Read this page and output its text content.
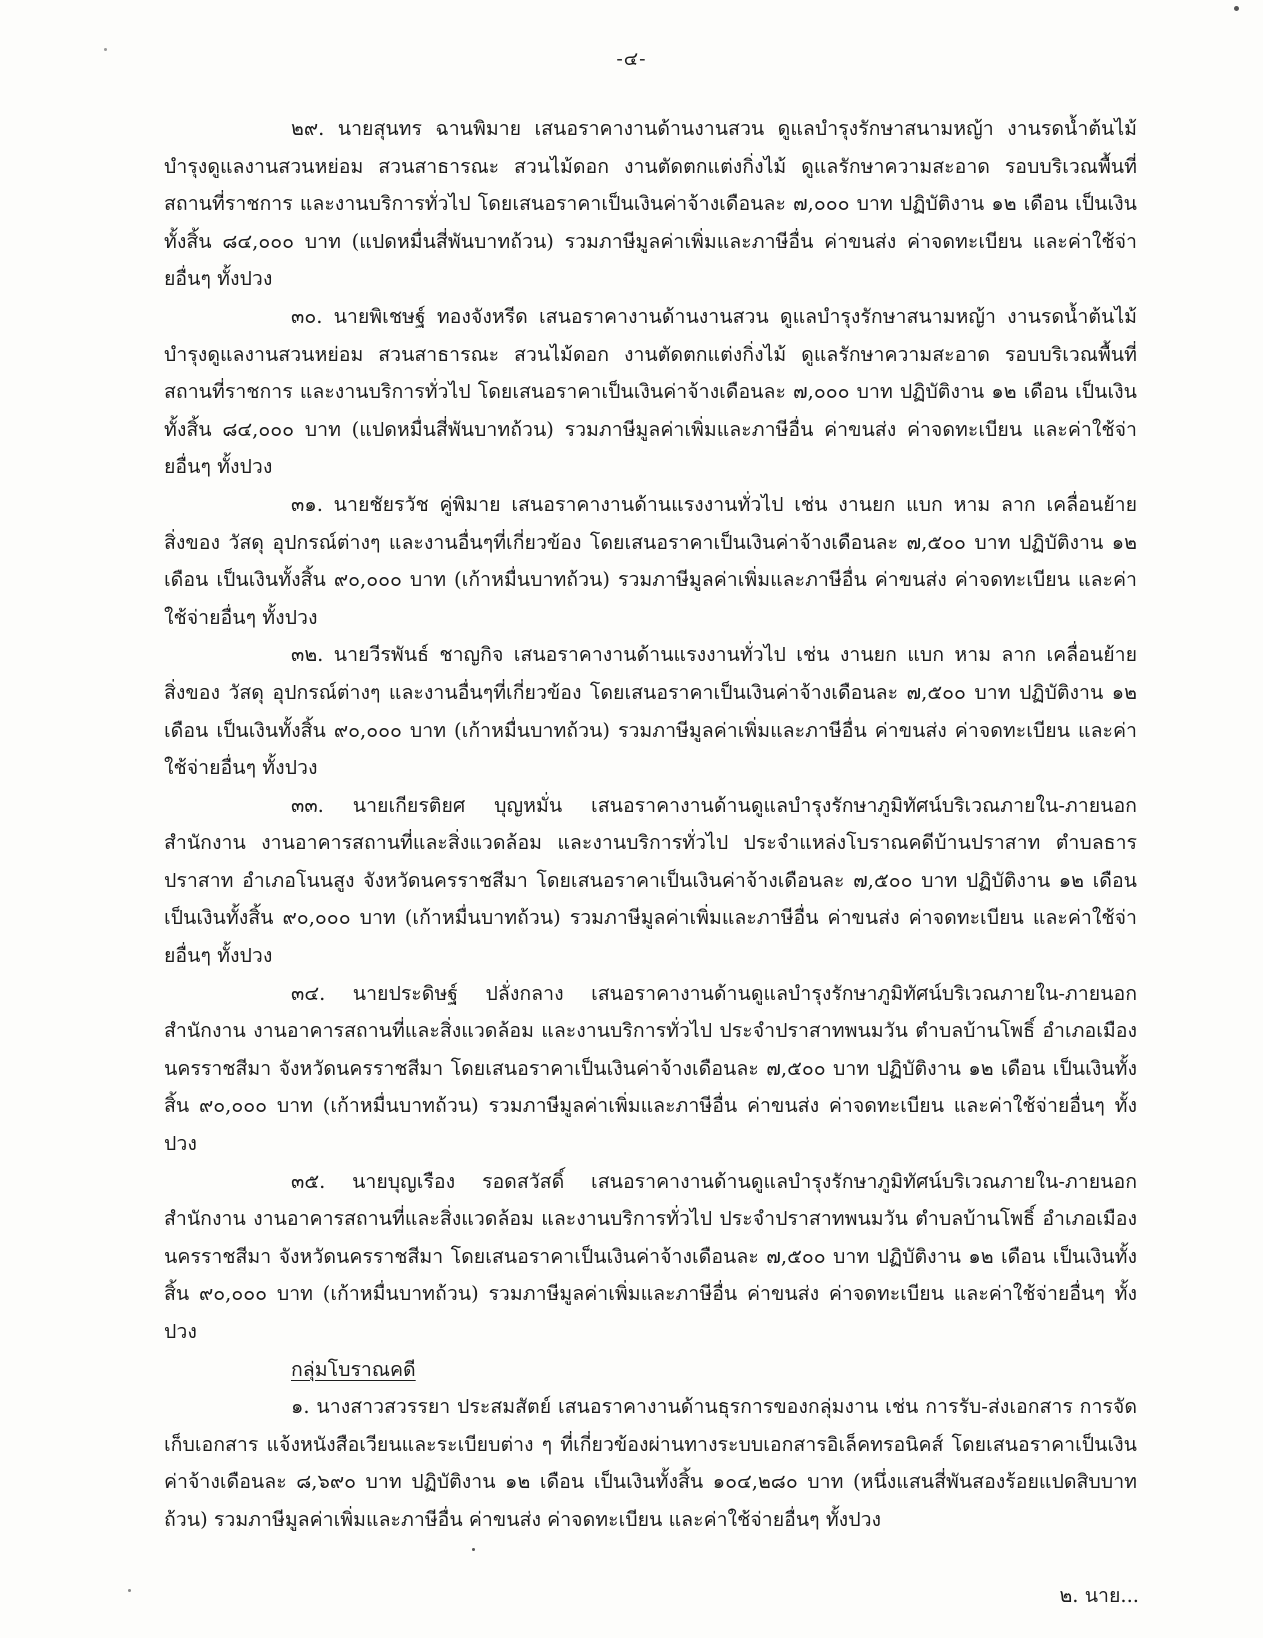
-๔-

๒๙. นายสุนทร ฉานพิมาย เสนอราคางานด้านงานสวน ดูแลบำรุงรักษาสนามหญ้า งานรดน้ำต้นไม้ บำรุงดูแลงานสวนหย่อม สวนสาธารณะ สวนไม้ดอก งานตัดตกแต่งกิ่งไม้ ดูแลรักษาความสะอาด รอบบริเวณพื้นที่สถานที่ราชการ และงานบริการทั่วไป โดยเสนอราคาเป็นเงินค่าจ้างเดือนละ ๗,๐๐๐ บาท ปฏิบัติงาน ๑๒ เดือน เป็นเงินทั้งสิ้น ๘๔,๐๐๐ บาท (แปดหมื่นสี่พันบาทถ้วน) รวมภาษีมูลค่าเพิ่มและภาษีอื่น ค่าขนส่ง ค่าจดทะเบียน และค่าใช้จ่ายอื่นๆ ทั้งปวง

๓๐. นายพิเชษฐ์ ทองจังหรีด เสนอราคางานด้านงานสวน ดูแลบำรุงรักษาสนามหญ้า งานรดน้ำต้นไม้ บำรุงดูแลงานสวนหย่อม สวนสาธารณะ สวนไม้ดอก งานตัดตกแต่งกิ่งไม้ ดูแลรักษาความสะอาด รอบบริเวณพื้นที่สถานที่ราชการ และงานบริการทั่วไป โดยเสนอราคาเป็นเงินค่าจ้างเดือนละ ๗,๐๐๐ บาท ปฏิบัติงาน ๑๒ เดือน เป็นเงินทั้งสิ้น ๘๔,๐๐๐ บาท (แปดหมื่นสี่พันบาทถ้วน) รวมภาษีมูลค่าเพิ่มและภาษีอื่น ค่าขนส่ง ค่าจดทะเบียน และค่าใช้จ่ายอื่นๆ ทั้งปวง

๓๑. นายชัยรวัช คู่พิมาย เสนอราคางานด้านแรงงานทั่วไป เช่น งานยก แบก หาม ลาก เคลื่อนย้ายสิ่งของ วัสดุ อุปกรณ์ต่างๆ และงานอื่นๆที่เกี่ยวข้อง โดยเสนอราคาเป็นเงินค่าจ้างเดือนละ ๗,๕๐๐ บาท ปฏิบัติงาน ๑๒ เดือน เป็นเงินทั้งสิ้น ๙๐,๐๐๐ บาท (เก้าหมื่นบาทถ้วน) รวมภาษีมูลค่าเพิ่มและภาษีอื่น ค่าขนส่ง ค่าจดทะเบียน และค่าใช้จ่ายอื่นๆ ทั้งปวง

๓๒. นายวีรพันธ์ ชาญกิจ เสนอราคางานด้านแรงงานทั่วไป เช่น งานยก แบก หาม ลาก เคลื่อนย้ายสิ่งของ วัสดุ อุปกรณ์ต่างๆ และงานอื่นๆที่เกี่ยวข้อง โดยเสนอราคาเป็นเงินค่าจ้างเดือนละ ๗,๕๐๐ บาท ปฏิบัติงาน ๑๒ เดือน เป็นเงินทั้งสิ้น ๙๐,๐๐๐ บาท (เก้าหมื่นบาทถ้วน) รวมภาษีมูลค่าเพิ่มและภาษีอื่น ค่าขนส่ง ค่าจดทะเบียน และค่าใช้จ่ายอื่นๆ ทั้งปวง

๓๓. นายเกียรติยศ บุญหมั่น เสนอราคางานด้านดูแลบำรุงรักษาภูมิทัศน์บริเวณภายใน-ภายนอกสำนักงาน งานอาคารสถานที่และสิ่งแวดล้อม และงานบริการทั่วไป ประจำแหล่งโบราณคดีบ้านปราสาท ตำบลธารปราสาท อำเภอโนนสูง จังหวัดนครราชสีมา โดยเสนอราคาเป็นเงินค่าจ้างเดือนละ ๗,๕๐๐ บาท ปฏิบัติงาน ๑๒ เดือน เป็นเงินทั้งสิ้น ๙๐,๐๐๐ บาท (เก้าหมื่นบาทถ้วน) รวมภาษีมูลค่าเพิ่มและภาษีอื่น ค่าขนส่ง ค่าจดทะเบียน และค่าใช้จ่ายอื่นๆ ทั้งปวง

๓๔. นายประดิษฐ์ ปลั่งกลาง เสนอราคางานด้านดูแลบำรุงรักษาภูมิทัศน์บริเวณภายใน-ภายนอกสำนักงาน งานอาคารสถานที่และสิ่งแวดล้อม และงานบริการทั่วไป ประจำปราสาทพนมวัน ตำบลบ้านโพธิ์ อำเภอเมืองนครราชสีมา จังหวัดนครราชสีมา โดยเสนอราคาเป็นเงินค่าจ้างเดือนละ ๗,๕๐๐ บาท ปฏิบัติงาน ๑๒ เดือน เป็นเงินทั้งสิ้น ๙๐,๐๐๐ บาท (เก้าหมื่นบาทถ้วน) รวมภาษีมูลค่าเพิ่มและภาษีอื่น ค่าขนส่ง ค่าจดทะเบียน และค่าใช้จ่ายอื่นๆ ทั้งปวง

๓๕. นายบุญเรือง รอดสวัสดิ์ เสนอราคางานด้านดูแลบำรุงรักษาภูมิทัศน์บริเวณภายใน-ภายนอกสำนักงาน งานอาคารสถานที่และสิ่งแวดล้อม และงานบริการทั่วไป ประจำปราสาทพนมวัน ตำบลบ้านโพธิ์ อำเภอเมืองนครราชสีมา จังหวัดนครราชสีมา โดยเสนอราคาเป็นเงินค่าจ้างเดือนละ ๗,๕๐๐ บาท ปฏิบัติงาน ๑๒ เดือน เป็นเงินทั้งสิ้น ๙๐,๐๐๐ บาท (เก้าหมื่นบาทถ้วน) รวมภาษีมูลค่าเพิ่มและภาษีอื่น ค่าขนส่ง ค่าจดทะเบียน และค่าใช้จ่ายอื่นๆ ทั้งปวง

กลุ่มโบราณคดี

๑. นางสาวสวรรยา ประสมสัตย์ เสนอราคางานด้านธุรการของกลุ่มงาน เช่น การรับ-ส่งเอกสาร การจัดเก็บเอกสาร แจ้งหนังสือเวียนและระเบียบต่าง ๆ ที่เกี่ยวข้องผ่านทางระบบเอกสารอิเล็คทรอนิคส์ โดยเสนอราคาเป็นเงินค่าจ้างเดือนละ ๘,๖๙๐ บาท ปฏิบัติงาน ๑๒ เดือน เป็นเงินทั้งสิ้น ๑๐๔,๒๘๐ บาท (หนึ่งแสนสี่พันสองร้อยแปดสิบบาทถ้วน) รวมภาษีมูลค่าเพิ่มและภาษีอื่น ค่าขนส่ง ค่าจดทะเบียน และค่าใช้จ่ายอื่นๆ ทั้งปวง

๒. นาย...
